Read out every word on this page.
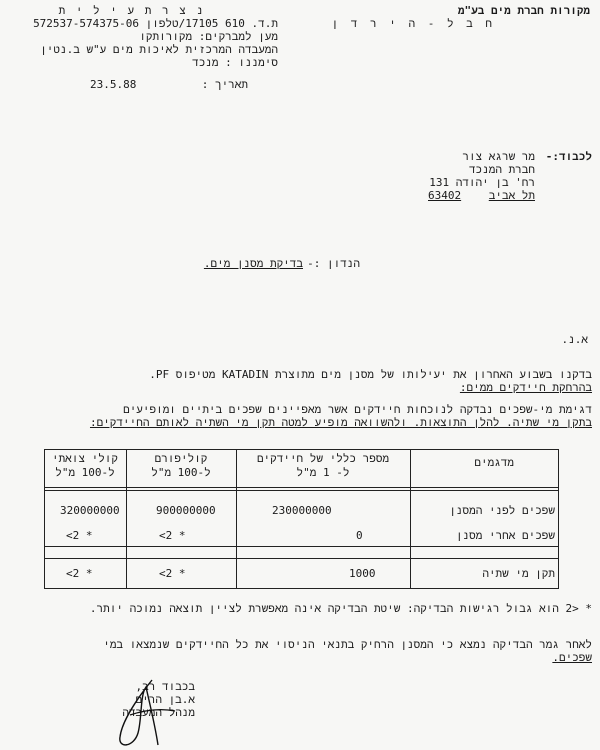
מקורות חברת מים בע"מ
ח ב ל - ה י ר ד ן
נ צ ר ת ע י ל י ת
ת.ד. 610 17105/טלפון 572537-574375-06
מען למברקים: מקורותקו
המעבדה המרכזית לאיכות מים ע"ש ב.נטין
סימננו : מנכד
תאריך :
23.5.88
לכבוד:-
מר שרגא צור
חברת המנכד
רח' בן יהודה 131
תל אביב
63402
הנדון :-
בדיקת מסנן מים.
א.נ.
בדקנו בשבוע האחרון את יעילותו של מסנן מים מתוצרת KATADIN מטיפוס PF.
בהרחקת חיידקים ממים:
דגימת מי-שפכים נבדקה לנוכחות חיידקים אשר מאפיינים שפכים ביתיים ומופיעים
בתקן מי שתיה. להלן התוצאות. ולהשוואה מופיע למטה תקן מי השתיה לאותם החיידקים:
מדגמים
מספר כללי של חיידקים
ל- 1 מ"ל
קוליפורם
ל-100 מ"ל
קולי צואתי
ל-100 מ"ל
שפכים לפני המסנן
230000000
900000000
320000000
שפכים אחרי מסנן
0
<2 *
<2 *
תקן מי שתיה
1000
<2 *
<2 *
* <2 הוא גבול רגישות הבדיקה: שיטת הבדיקה אינה מאפשרת לציין תוצאה נמוכה יותר.
לאחר גמר הבדיקה נמצא כי המסנן הרחיק בתנאי הניסוי את כל החיידקים שנמצאו במי
שפכים.
בכבוד רב,
א.בן הרים
מנהל המעבדה
